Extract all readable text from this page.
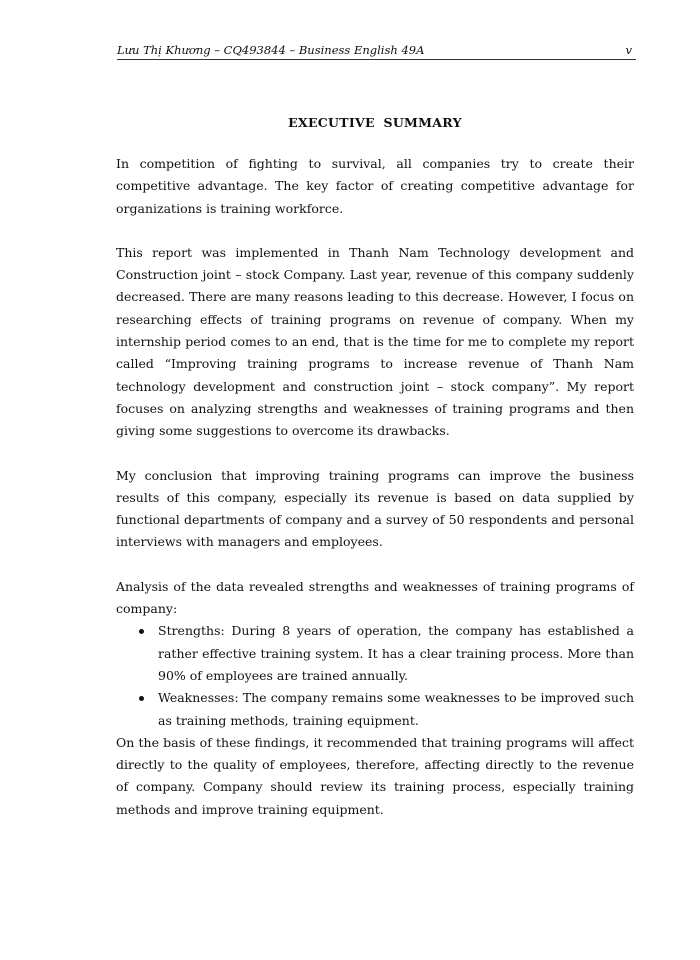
Lưu Thị Khương – CQ493844 – Business English 49A	v
EXECUTIVE SUMMARY

In competition of fighting to survival, all companies try to create their competitive advantage. The key factor of creating competitive advantage for organizations is training workforce.

This report was implemented in Thanh Nam Technology development and Construction joint – stock Company. Last year, revenue of this company suddenly decreased. There are many reasons leading to this decrease. However, I focus on researching effects of training programs on revenue of company. When my internship period comes to an end, that is the time for me to complete my report called “Improving training programs to increase revenue of Thanh Nam technology development and construction joint – stock company”. My report focuses on analyzing strengths and weaknesses of training programs and then giving some suggestions to overcome its drawbacks.

My conclusion that improving training programs can improve the business results of this company, especially its revenue is based on data supplied by functional departments of company and a survey of 50 respondents and personal interviews with managers and employees.

Analysis of the data revealed strengths and weaknesses of training programs of company:

Strengths: During 8 years of operation, the company has established a rather effective training system. It has a clear training process. More than 90% of employees are trained annually.
Weaknesses: The company remains some weaknesses to be improved such as training methods, training equipment.

On the basis of these findings, it recommended that training programs will affect directly to the quality of employees, therefore, affecting directly to the revenue of company. Company should review its training process, especially training methods and improve training equipment.
